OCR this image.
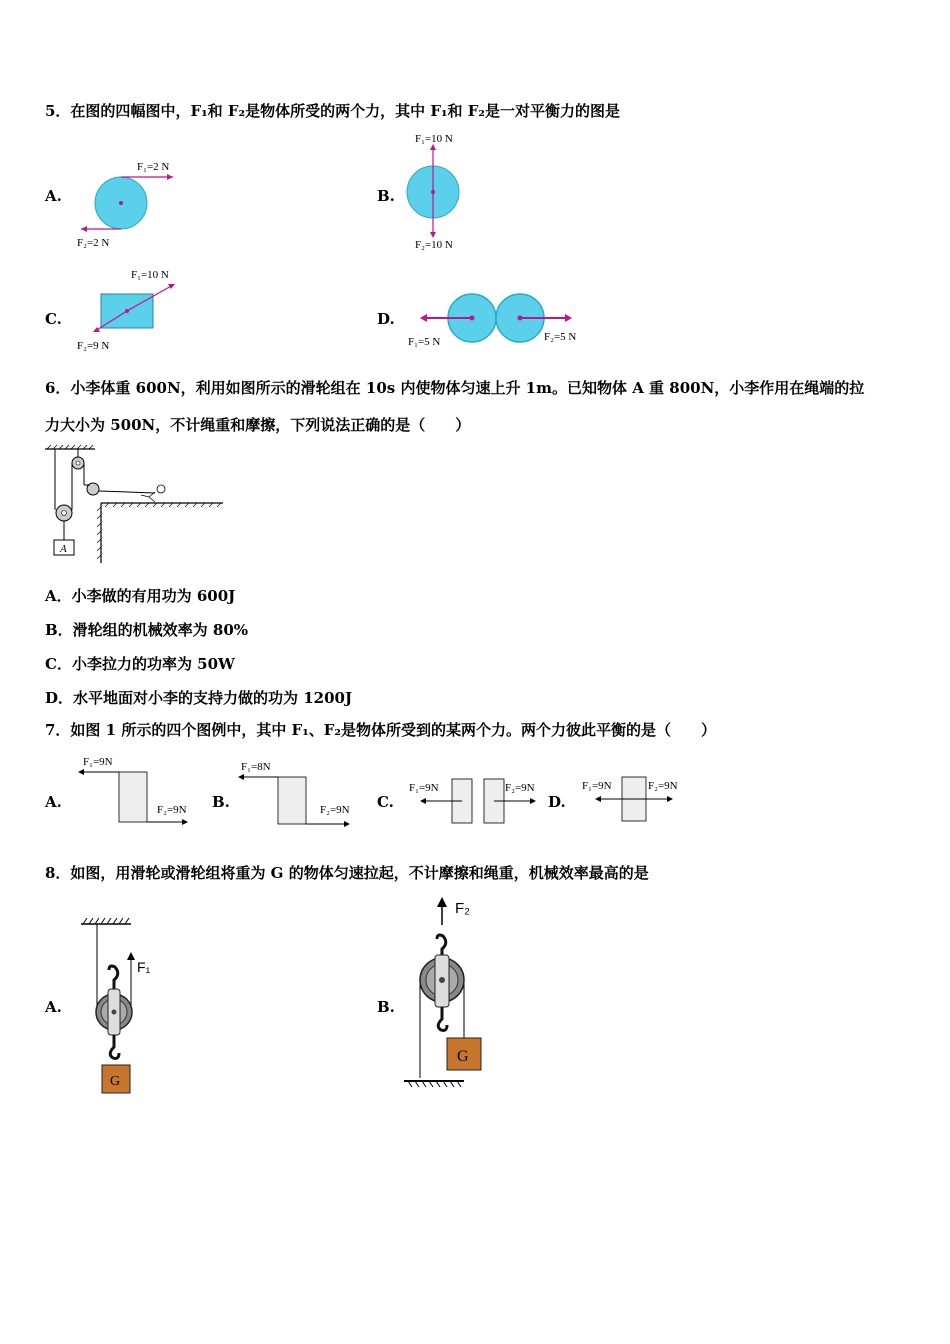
5．在图的四幅图中，F₁和 F₂是物体所受的两个力，其中 F₁和 F₂是一对平衡力的图是
A.
F₁=2 N
F₂=2 N
B.
F₁=10 N
F₂=10 N
C.
F₁=10 N
F₂=9 N
D.
F₁=5 N	F₂=5 N
6．小李体重 600N，利用如图所示的滑轮组在 10s 内使物体匀速上升 1m。已知物体 A 重 800N，小李作用在绳端的拉
力大小为 500N，不计绳重和摩擦，下列说法正确的是（　　）
A
A．小李做的有用功为 600J
B．滑轮组的机械效率为 80%
C．小李拉力的功率为 50W
D．水平地面对小李的支持力做的功为 1200J
7．如图 1 所示的四个图例中，其中 F₁、F₂是物体所受到的某两个力。两个力彼此平衡的是（　　）
A.
F₁=9N
F₂=9N B.
F₁=8N
F₂=9N C.
F₁=9N	F₂=9N
D.
F₁=9N	F₂=9N
8．如图，用滑轮或滑轮组将重为 G 的物体匀速拉起，不计摩擦和绳重，机械效率最高的是
A.
F₁
G
B.
F₂
G
